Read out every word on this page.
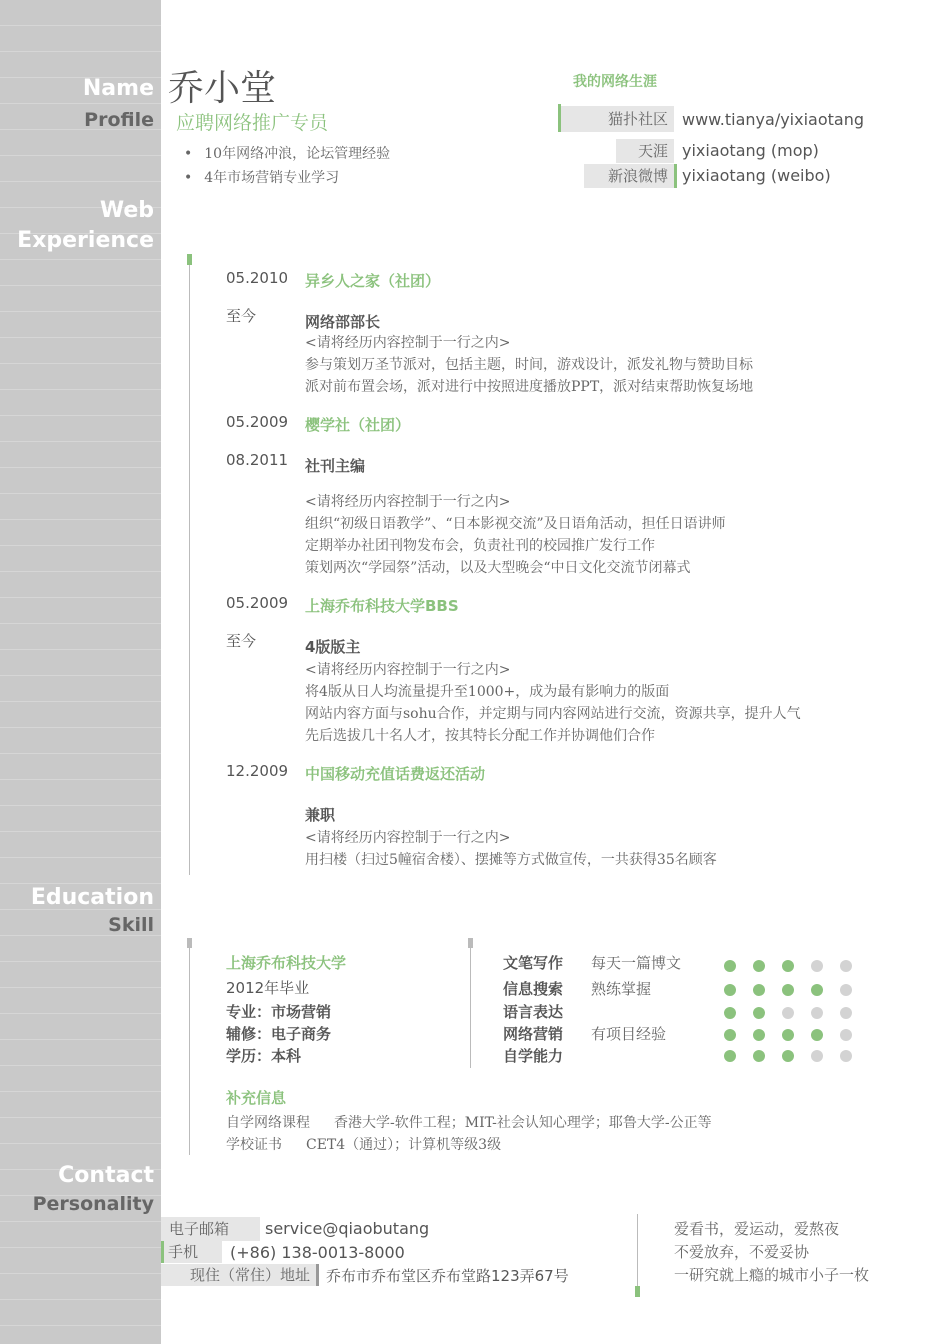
Name
Profile
Web
Experience
Education
Skill
Contact
Personality
乔小堂
应聘网络推广专员
• 10年网络冲浪，论坛管理经验
• 4年市场营销专业学习
我的网络生涯
猫扑社区 www.tianya/yixiaotang
天涯 yixiaotang (mop)
新浪微博 yixiaotang (weibo)
05.2010
至今
异乡人之家（社团）
网络部部长
<请将经历内容控制于一行之内>
参与策划万圣节派对，包括主题，时间，游戏设计，派发礼物与赞助目标
派对前布置会场，派对进行中按照进度播放PPT，派对结束帮助恢复场地
05.2009
08.2011
樱学社（社团）
社刊主编
<请将经历内容控制于一行之内>
组织“初级日语教学”、“日本影视交流”及日语角活动，担任日语讲师
定期举办社团刊物发布会，负责社刊的校园推广发行工作
策划两次“学园祭”活动，以及大型晚会“中日文化交流节闭幕式
05.2009
至今
上海乔布科技大学BBS
4版版主
<请将经历内容控制于一行之内>
将4版从日人均流量提升至1000+，成为最有影响力的版面
网站内容方面与sohu合作，并定期与同内容网站进行交流，资源共享，提升人气
先后选拔几十名人才，按其特长分配工作并协调他们合作
12.2009 中国移动充值话费返还活动
兼职
<请将经历内容控制于一行之内>
用扫楼（扫过5幢宿舍楼）、摆摊等方式做宣传，一共获得35名顾客
上海乔布科技大学
2012年毕业
专业：市场营销
辅修：电子商务
学历：本科
补充信息
自学网络课程 香港大学-软件工程；MIT-社会认知心理学；耶鲁大学-公正等
学校证书 CET4（通过）；计算机等级3级
文笔写作 每天一篇博文
信息搜索 熟练掌握
语言表达
网络营销 有项目经验
自学能力
电子邮箱	service@qiaobutang
手机	(+86) 138-0013-8000
现住（常住）地址	乔布市乔布堂区乔布堂路123弄67号
爱看书，爱运动，爱熬夜
不爱放弃，不爱妥协
一研究就上瘾的城市小子一枚
